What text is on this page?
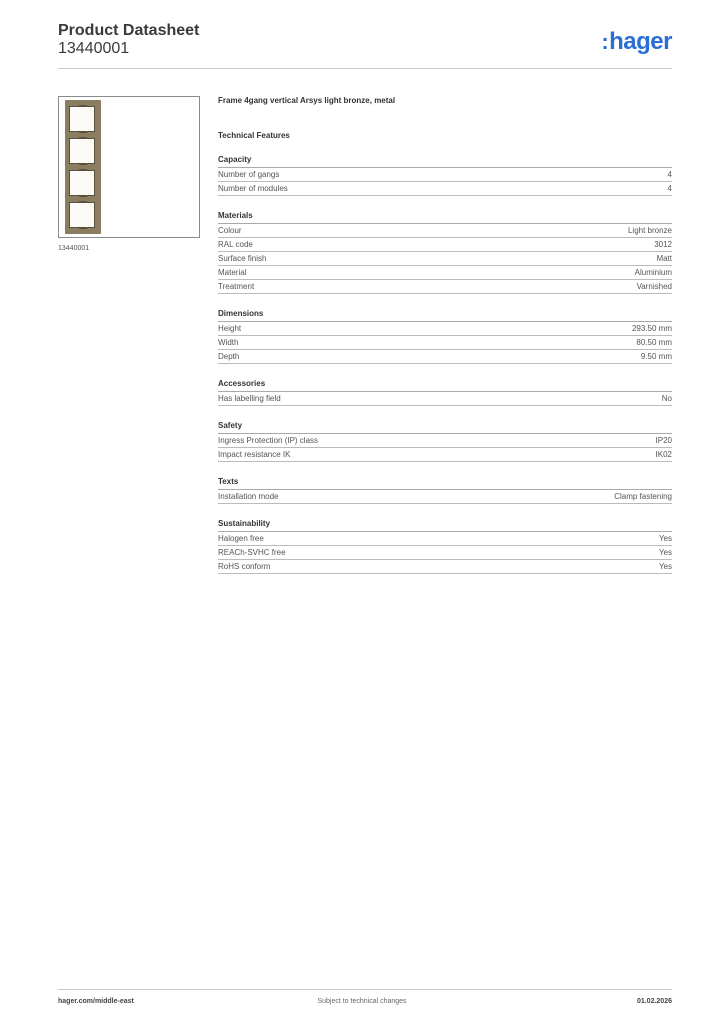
Product Datasheet
13440001	:hager
13440001
Frame 4gang vertical Arsys light bronze, metal
Technical Features
Capacity
Number of gangs	4
Number of modules	4
Materials
Colour	Light bronze
RAL code	3012
Surface finish	Matt
Material	Aluminium
Treatment	Varnished
Dimensions
Height	293.50 mm
Width	80.50 mm
Depth	9.50 mm
Accessories
Has labelling field	No
Safety
Ingress Protection (IP) class	IP20
Impact resistance IK	IK02
Texts
Installation mode	Clamp fastening
Sustainability
Halogen free	Yes
REACh-SVHC free	Yes
RoHS conform	Yes
hager.com/middle-east	Subject to technical changes	01.02.2026
